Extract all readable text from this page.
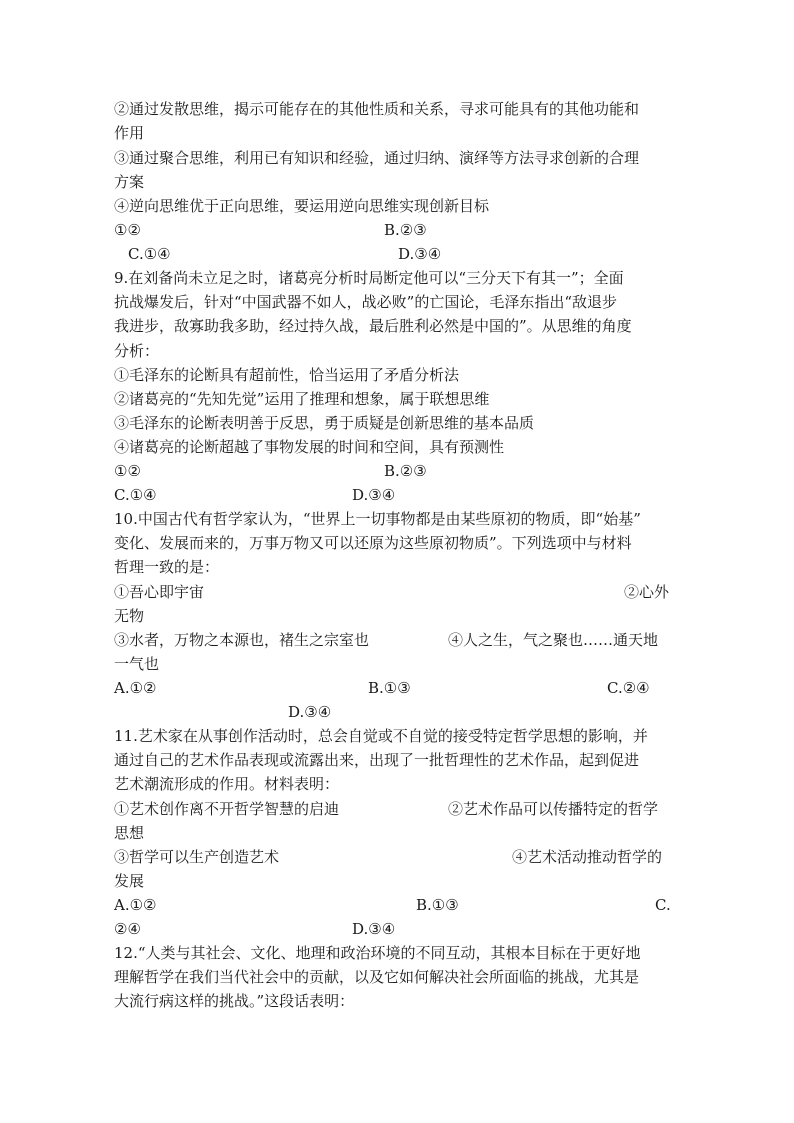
②通过发散思维，揭示可能存在的其他性质和关系，寻求可能具有的其他功能和
作用
③通过聚合思维，利用已有知识和经验，通过归纳、演绎等方法寻求创新的合理
方案
④逆向思维优于正向思维，要运用逆向思维实现创新目标
①②	B.②③
C.①④	D.③④
9.在刘备尚未立足之时，诸葛亮分析时局断定他可以“三分天下有其一”；全面
抗战爆发后，针对“中国武器不如人，战必败”的亡国论，毛泽东指出“敌退步
我进步，敌寡助我多助，经过持久战，最后胜利必然是中国的”。从思维的角度
分析：
①毛泽东的论断具有超前性，恰当运用了矛盾分析法
②诸葛亮的“先知先觉”运用了推理和想象，属于联想思维
③毛泽东的论断表明善于反思，勇于质疑是创新思维的基本品质
④诸葛亮的论断超越了事物发展的时间和空间，具有预测性
①②	B.②③
C.①④	D.③④
10.中国古代有哲学家认为，“世界上一切事物都是由某些原初的物质，即“始基”
变化、发展而来的，万事万物又可以还原为这些原初物质”。下列选项中与材料
哲理一致的是：
①吾心即宇宙	②心外
无物
③水者，万物之本源也，褚生之宗室也	④人之生，气之聚也……通天地
一气也
A.①②	B.①③	C.②④
D.③④
11.艺术家在从事创作活动时，总会自觉或不自觉的接受特定哲学思想的影响，并
通过自己的艺术作品表现或流露出来，出现了一批哲理性的艺术作品，起到促进
艺术潮流形成的作用。材料表明：
①艺术创作离不开哲学智慧的启迪	②艺术作品可以传播特定的哲学
思想
③哲学可以生产创造艺术	④艺术活动推动哲学的
发展
A.①②	B.①③	C.
②④	D.③④
12.“人类与其社会、文化、地理和政治环境的不同互动，其根本目标在于更好地
理解哲学在我们当代社会中的贡献，以及它如何解决社会所面临的挑战，尤其是
大流行病这样的挑战。”这段话表明：
